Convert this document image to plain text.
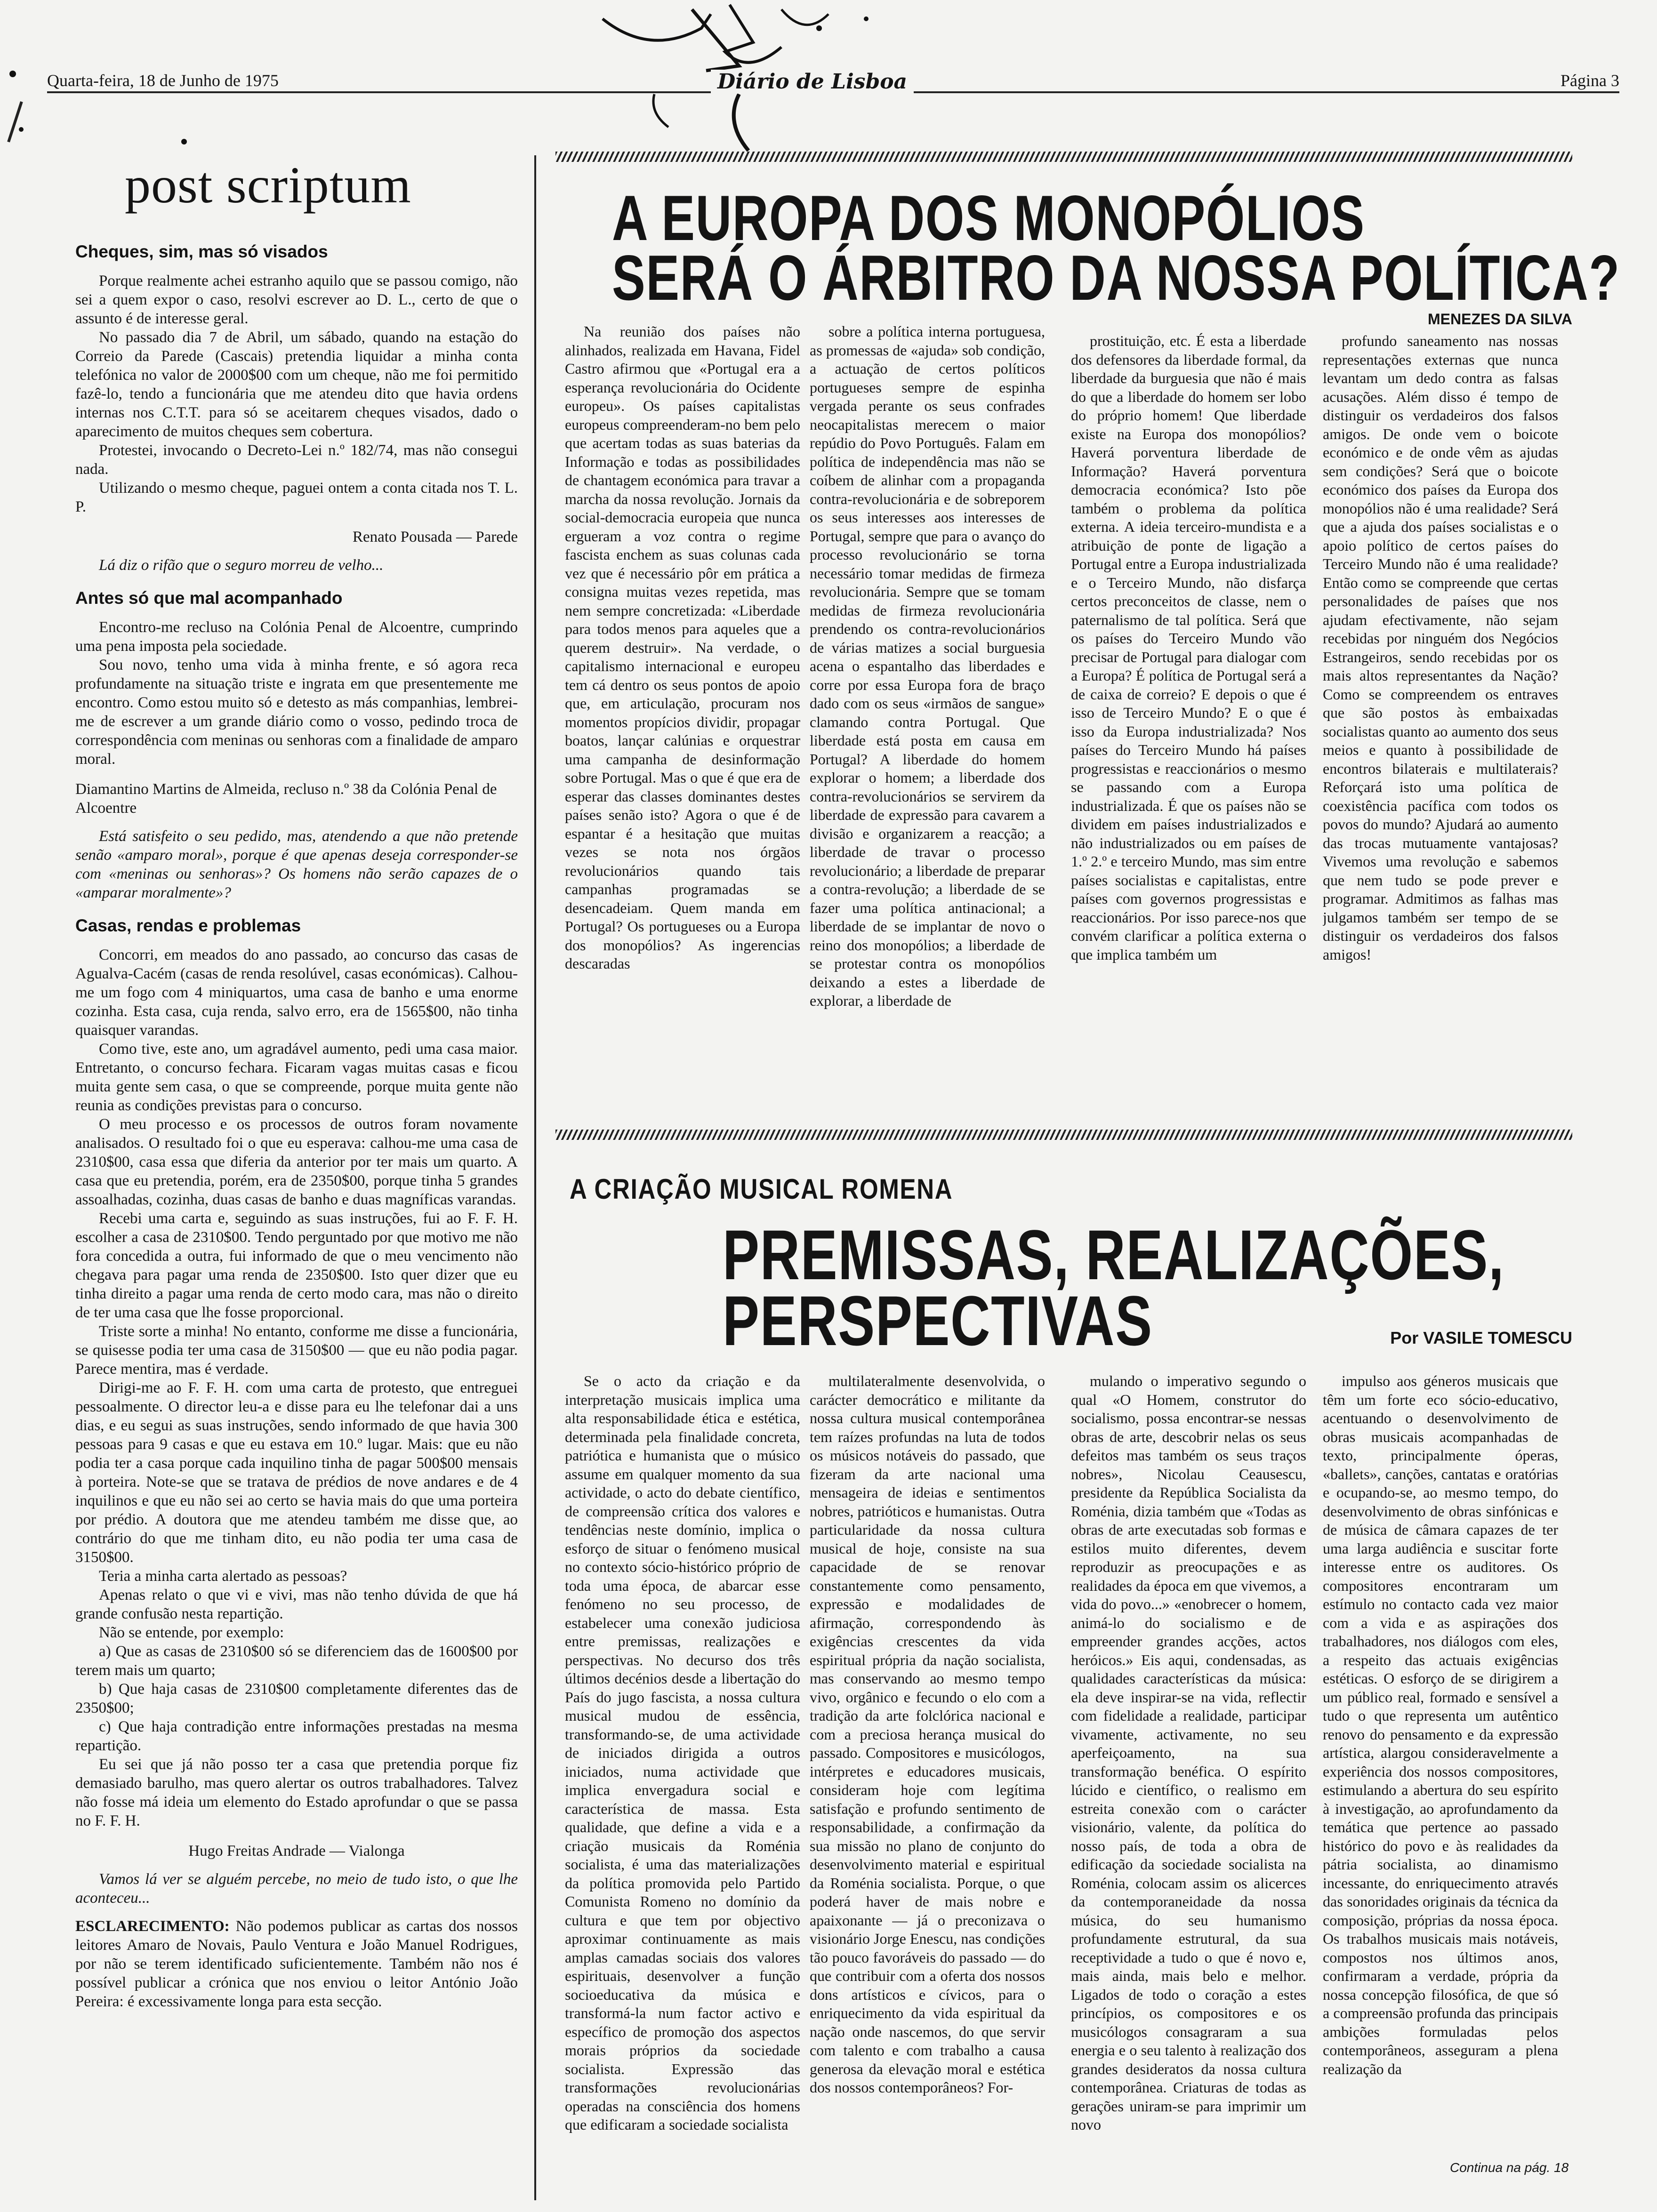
Quarta-feira, 18 de Junho de 1975	Diário de Lisboa	Página 3
post scriptum

Cheques, sim, mas só visados

Porque realmente achei estranho aquilo que se passou comigo, não sei a quem expor o caso, resolvi escrever ao D. L., certo de que o assunto é de interesse geral.

No passado dia 7 de Abril, um sábado, quando na estação do Correio da Parede (Cascais) pretendia liquidar a minha conta telefónica no valor de 2000$00 com um cheque, não me foi permitido fazê-lo, tendo a funcionária que me atendeu dito que havia ordens internas nos C.T.T. para só se aceitarem cheques visados, dado o aparecimento de muitos cheques sem cobertura.

Protestei, invocando o Decreto-Lei n.º 182/74, mas não consegui nada.

Utilizando o mesmo cheque, paguei ontem a conta citada nos T. L. P.

Renato Pousada — Parede

Lá diz o rifão que o seguro morreu de velho...

Antes só que mal acompanhado

Encontro-me recluso na Colónia Penal de Alcoentre, cumprindo uma pena imposta pela sociedade.

Sou novo, tenho uma vida à minha frente, e só agora reca profundamente na situação triste e ingrata em que presentemente me encontro. Como estou muito só e detesto as más companhias, lembrei-me de escrever a um grande diário como o vosso, pedindo troca de correspondência com meninas ou senhoras com a finalidade de amparo moral.

Diamantino Martins de Almeida, recluso n.º 38 da Colónia Penal de Alcoentre

Está satisfeito o seu pedido, mas, atendendo a que não pretende senão «amparo moral», porque é que apenas deseja corresponder-se com «meninas ou senhoras»? Os homens não serão capazes de o «amparar moralmente»?

Casas, rendas e problemas

Concorri, em meados do ano passado, ao concurso das casas de Agualva-Cacém (casas de renda resolúvel, casas económicas). Calhou-me um fogo com 4 miniquartos, uma casa de banho e uma enorme cozinha. Esta casa, cuja renda, salvo erro, era de 1565$00, não tinha quaisquer varandas.

Como tive, este ano, um agradável aumento, pedi uma casa maior. Entretanto, o concurso fechara. Ficaram vagas muitas casas e ficou muita gente sem casa, o que se compreende, porque muita gente não reunia as condições previstas para o concurso.

O meu processo e os processos de outros foram novamente analisados. O resultado foi o que eu esperava: calhou-me uma casa de 2310$00, casa essa que diferia da anterior por ter mais um quarto. A casa que eu pretendia, porém, era de 2350$00, porque tinha 5 grandes assoalhadas, cozinha, duas casas de banho e duas magníficas varandas.

Recebi uma carta e, seguindo as suas instruções, fui ao F. F. H. escolher a casa de 2310$00. Tendo perguntado por que motivo me não fora concedida a outra, fui informado de que o meu vencimento não chegava para pagar uma renda de 2350$00. Isto quer dizer que eu tinha direito a pagar uma renda de certo modo cara, mas não o direito de ter uma casa que lhe fosse proporcional.

Triste sorte a minha! No entanto, conforme me disse a funcionária, se quisesse podia ter uma casa de 3150$00 — que eu não podia pagar. Parece mentira, mas é verdade.

Dirigi-me ao F. F. H. com uma carta de protesto, que entreguei pessoalmente. O director leu-a e disse para eu lhe telefonar dai a uns dias, e eu segui as suas instruções, sendo informado de que havia 300 pessoas para 9 casas e que eu estava em 10.º lugar. Mais: que eu não podia ter a casa porque cada inquilino tinha de pagar 500$00 mensais à porteira. Note-se que se tratava de prédios de nove andares e de 4 inquilinos e que eu não sei ao certo se havia mais do que uma porteira por prédio. A doutora que me atendeu também me disse que, ao contrário do que me tinham dito, eu não podia ter uma casa de 3150$00.

Teria a minha carta alertado as pessoas?

Apenas relato o que vi e vivi, mas não tenho dúvida de que há grande confusão nesta repartição.

Não se entende, por exemplo:

a) Que as casas de 2310$00 só se diferenciem das de 1600$00 por terem mais um quarto;

b) Que haja casas de 2310$00 completamente diferentes das de 2350$00;

c) Que haja contradição entre informações prestadas na mesma repartição.

Eu sei que já não posso ter a casa que pretendia porque fiz demasiado barulho, mas quero alertar os outros trabalhadores. Talvez não fosse má ideia um elemento do Estado aprofundar o que se passa no F. F. H.

Hugo Freitas Andrade — Vialonga

Vamos lá ver se alguém percebe, no meio de tudo isto, o que lhe aconteceu...

ESCLARECIMENTO: Não podemos publicar as cartas dos nossos leitores Amaro de Novais, Paulo Ventura e João Manuel Rodrigues, por não se terem identificado suficientemente. Também não nos é possível publicar a crónica que nos enviou o leitor António João Pereira: é excessivamente longa para esta secção.

A EUROPA DOS MONOPÓLIOS
SERÁ O ÁRBITRO DA NOSSA POLÍTICA?
MENEZES DA SILVA

Na reunião dos países não alinhados, realizada em Havana, Fidel Castro afirmou que «Portugal era a esperança revolucionária do Ocidente europeu». Os países capitalistas europeus compreenderam-no bem pelo que acertam todas as suas baterias da Informação e todas as possibilidades de chantagem económica para travar a marcha da nossa revolução. Jornais da social-democracia europeia que nunca ergueram a voz contra o regime fascista enchem as suas colunas cada vez que é necessário pôr em prática a consigna muitas vezes repetida, mas nem sempre concretizada: «Liberdade para todos menos para aqueles que a querem destruir». Na verdade, o capitalismo internacional e europeu tem cá dentro os seus pontos de apoio que, em articulação, procuram nos momentos propícios dividir, propagar boatos, lançar calúnias e orquestrar uma campanha de desinformação sobre Portugal. Mas o que é que era de esperar das classes dominantes destes países senão isto? Agora o que é de espantar é a hesitação que muitas vezes se nota nos órgãos revolucionários quando tais campanhas programadas se desencadeiam. Quem manda em Portugal? Os portugueses ou a Europa dos monopólios? As ingerencias descaradas

sobre a política interna portuguesa, as promessas de «ajuda» sob condição, a actuação de certos políticos portugueses sempre de espinha vergada perante os seus confrades neocapitalistas merecem o maior repúdio do Povo Português. Falam em política de independência mas não se coíbem de alinhar com a propaganda contra-revolucionária e de sobreporem os seus interesses aos interesses de Portugal, sempre que para o avanço do processo revolucionário se torna necessário tomar medidas de firmeza revolucionária. Sempre que se tomam medidas de firmeza revolucionária prendendo os contra-revolucionários de várias matizes a social burguesia acena o espantalho das liberdades e corre por essa Europa fora de braço dado com os seus «irmãos de sangue» clamando contra Portugal. Que liberdade está posta em causa em Portugal? A liberdade do homem explorar o homem; a liberdade dos contra-revolucionários se servirem da liberdade de expressão para cavarem a divisão e organizarem a reacção; a liberdade de travar o processo revolucionário; a liberdade de preparar a contra-revolução; a liberdade de se fazer uma política antinacional; a liberdade de se implantar de novo o reino dos monopólios; a liberdade de se protestar contra os monopólios deixando a estes a liberdade de explorar, a liberdade de

prostituição, etc. É esta a liberdade dos defensores da liberdade formal, da liberdade da burguesia que não é mais do que a liberdade do homem ser lobo do próprio homem! Que liberdade existe na Europa dos monopólios? Haverá porventura liberdade de Informação? Haverá porventura democracia económica? Isto põe também o problema da política externa. A ideia terceiro-mundista e a atribuição de ponte de ligação a Portugal entre a Europa industrializada e o Terceiro Mundo, não disfarça certos preconceitos de classe, nem o paternalismo de tal política. Será que os países do Terceiro Mundo vão precisar de Portugal para dialogar com a Europa? É política de Portugal será a de caixa de correio? E depois o que é isso de Terceiro Mundo? E o que é isso da Europa industrializada? Nos países do Terceiro Mundo há países progressistas e reaccionários o mesmo se passando com a Europa industrializada. É que os países não se dividem em países industrializados e não industrializados ou em países de 1.º 2.º e terceiro Mundo, mas sim entre países socialistas e capitalistas, entre países com governos progressistas e reaccionários. Por isso parece-nos que convém clarificar a política externa o que implica também um

profundo saneamento nas nossas representações externas que nunca levantam um dedo contra as falsas acusações. Além disso é tempo de distinguir os verdadeiros dos falsos amigos. De onde vem o boicote económico e de onde vêm as ajudas sem condições? Será que o boicote económico dos países da Europa dos monopólios não é uma realidade? Será que a ajuda dos países socialistas e o apoio político de certos países do Terceiro Mundo não é uma realidade? Então como se compreende que certas personalidades de países que nos ajudam efectivamente, não sejam recebidas por ninguém dos Negócios Estrangeiros, sendo recebidas por os mais altos representantes da Nação? Como se compreendem os entraves que são postos às embaixadas socialistas quanto ao aumento dos seus meios e quanto à possibilidade de encontros bilaterais e multilaterais? Reforçará isto uma política de coexistência pacífica com todos os povos do mundo? Ajudará ao aumento das trocas mutuamente vantajosas? Vivemos uma revolução e sabemos que nem tudo se pode prever e programar. Admitimos as falhas mas julgamos também ser tempo de se distinguir os verdadeiros dos falsos amigos!

A CRIAÇÃO MUSICAL ROMENA
PREMISSAS, REALIZAÇÕES,
PERSPECTIVAS	Por VASILE TOMESCU

Se o acto da criação e da interpretação musicais implica uma alta responsabilidade ética e estética, determinada pela finalidade concreta, patriótica e humanista que o músico assume em qualquer momento da sua actividade, o acto do debate científico, de compreensão crítica dos valores e tendências neste domínio, implica o esforço de situar o fenómeno musical no contexto sócio-histórico próprio de toda uma época, de abarcar esse fenómeno no seu processo, de estabelecer uma conexão judiciosa entre premissas, realizações e perspectivas. No decurso dos três últimos decénios desde a libertação do País do jugo fascista, a nossa cultura musical mudou de essência, transformando-se, de uma actividade de iniciados dirigida a outros iniciados, numa actividade que implica envergadura social e característica de massa. Esta qualidade, que define a vida e a criação musicais da Roménia socialista, é uma das materializações da política promovida pelo Partido Comunista Romeno no domínio da cultura e que tem por objectivo aproximar continuamente as mais amplas camadas sociais dos valores espirituais, desenvolver a função socioeducativa da música e transformá-la num factor activo e específico de promoção dos aspectos morais próprios da sociedade socialista. Expressão das transformações revolucionárias operadas na consciência dos homens que edificaram a sociedade socialista

multilateralmente desenvolvida, o carácter democrático e militante da nossa cultura musical contemporânea tem raízes profundas na luta de todos os músicos notáveis do passado, que fizeram da arte nacional uma mensageira de ideias e sentimentos nobres, patrióticos e humanistas. Outra particularidade da nossa cultura musical de hoje, consiste na sua capacidade de se renovar constantemente como pensamento, expressão e modalidades de afirmação, correspondendo às exigências crescentes da vida espiritual própria da nação socialista, mas conservando ao mesmo tempo vivo, orgânico e fecundo o elo com a tradição da arte folclórica nacional e com a preciosa herança musical do passado. Compositores e musicólogos, intérpretes e educadores musicais, consideram hoje com legítima satisfação e profundo sentimento de responsabilidade, a confirmação da sua missão no plano de conjunto do desenvolvimento material e espiritual da Roménia socialista. Porque, o que poderá haver de mais nobre e apaixonante — já o preconizava o visionário Jorge Enescu, nas condições tão pouco favoráveis do passado — do que contribuir com a oferta dos nossos dons artísticos e cívicos, para o enriquecimento da vida espiritual da nação onde nascemos, do que servir com talento e com trabalho a causa generosa da elevação moral e estética dos nossos contemporâneos? For-

mulando o imperativo segundo o qual «O Homem, construtor do socialismo, possa encontrar-se nessas obras de arte, descobrir nelas os seus defeitos mas também os seus traços nobres», Nicolau Ceausescu, presidente da República Socialista da Roménia, dizia também que «Todas as obras de arte executadas sob formas e estilos muito diferentes, devem reproduzir as preocupações e as realidades da época em que vivemos, a vida do povo...» «enobrecer o homem, animá-lo do socialismo e de empreender grandes acções, actos heróicos.» Eis aqui, condensadas, as qualidades características da música: ela deve inspirar-se na vida, reflectir com fidelidade a realidade, participar vivamente, activamente, no seu aperfeiçoamento, na sua transformação benéfica. O espírito lúcido e científico, o realismo em estreita conexão com o carácter visionário, valente, da política do nosso país, de toda a obra de edificação da sociedade socialista na Roménia, colocam assim os alicerces da contemporaneidade da nossa música, do seu humanismo profundamente estrutural, da sua receptividade a tudo o que é novo e, mais ainda, mais belo e melhor. Ligados de todo o coração a estes princípios, os compositores e os musicólogos consagraram a sua energia e o seu talento à realização dos grandes desideratos da nossa cultura contemporânea. Criaturas de todas as gerações uniram-se para imprimir um novo

impulso aos géneros musicais que têm um forte eco sócio-educativo, acentuando o desenvolvimento de obras musicais acompanhadas de texto, principalmente óperas, «ballets», canções, cantatas e oratórias e ocupando-se, ao mesmo tempo, do desenvolvimento de obras sinfónicas e de música de câmara capazes de ter uma larga audiência e suscitar forte interesse entre os auditores. Os compositores encontraram um estímulo no contacto cada vez maior com a vida e as aspirações dos trabalhadores, nos diálogos com eles, a respeito das actuais exigências estéticas. O esforço de se dirigirem a um público real, formado e sensível a tudo o que representa um autêntico renovo do pensamento e da expressão artística, alargou consideravelmente a experiência dos nossos compositores, estimulando a abertura do seu espírito à investigação, ao aprofundamento da temática que pertence ao passado histórico do povo e às realidades da pátria socialista, ao dinamismo incessante, do enriquecimento através das sonoridades originais da técnica da composição, próprias da nossa época. Os trabalhos musicais mais notáveis, compostos nos últimos anos, confirmaram a verdade, própria da nossa concepção filosófica, de que só a compreensão profunda das principais ambições formuladas pelos contemporâneos, asseguram a plena realização da

Continua na pág. 18
